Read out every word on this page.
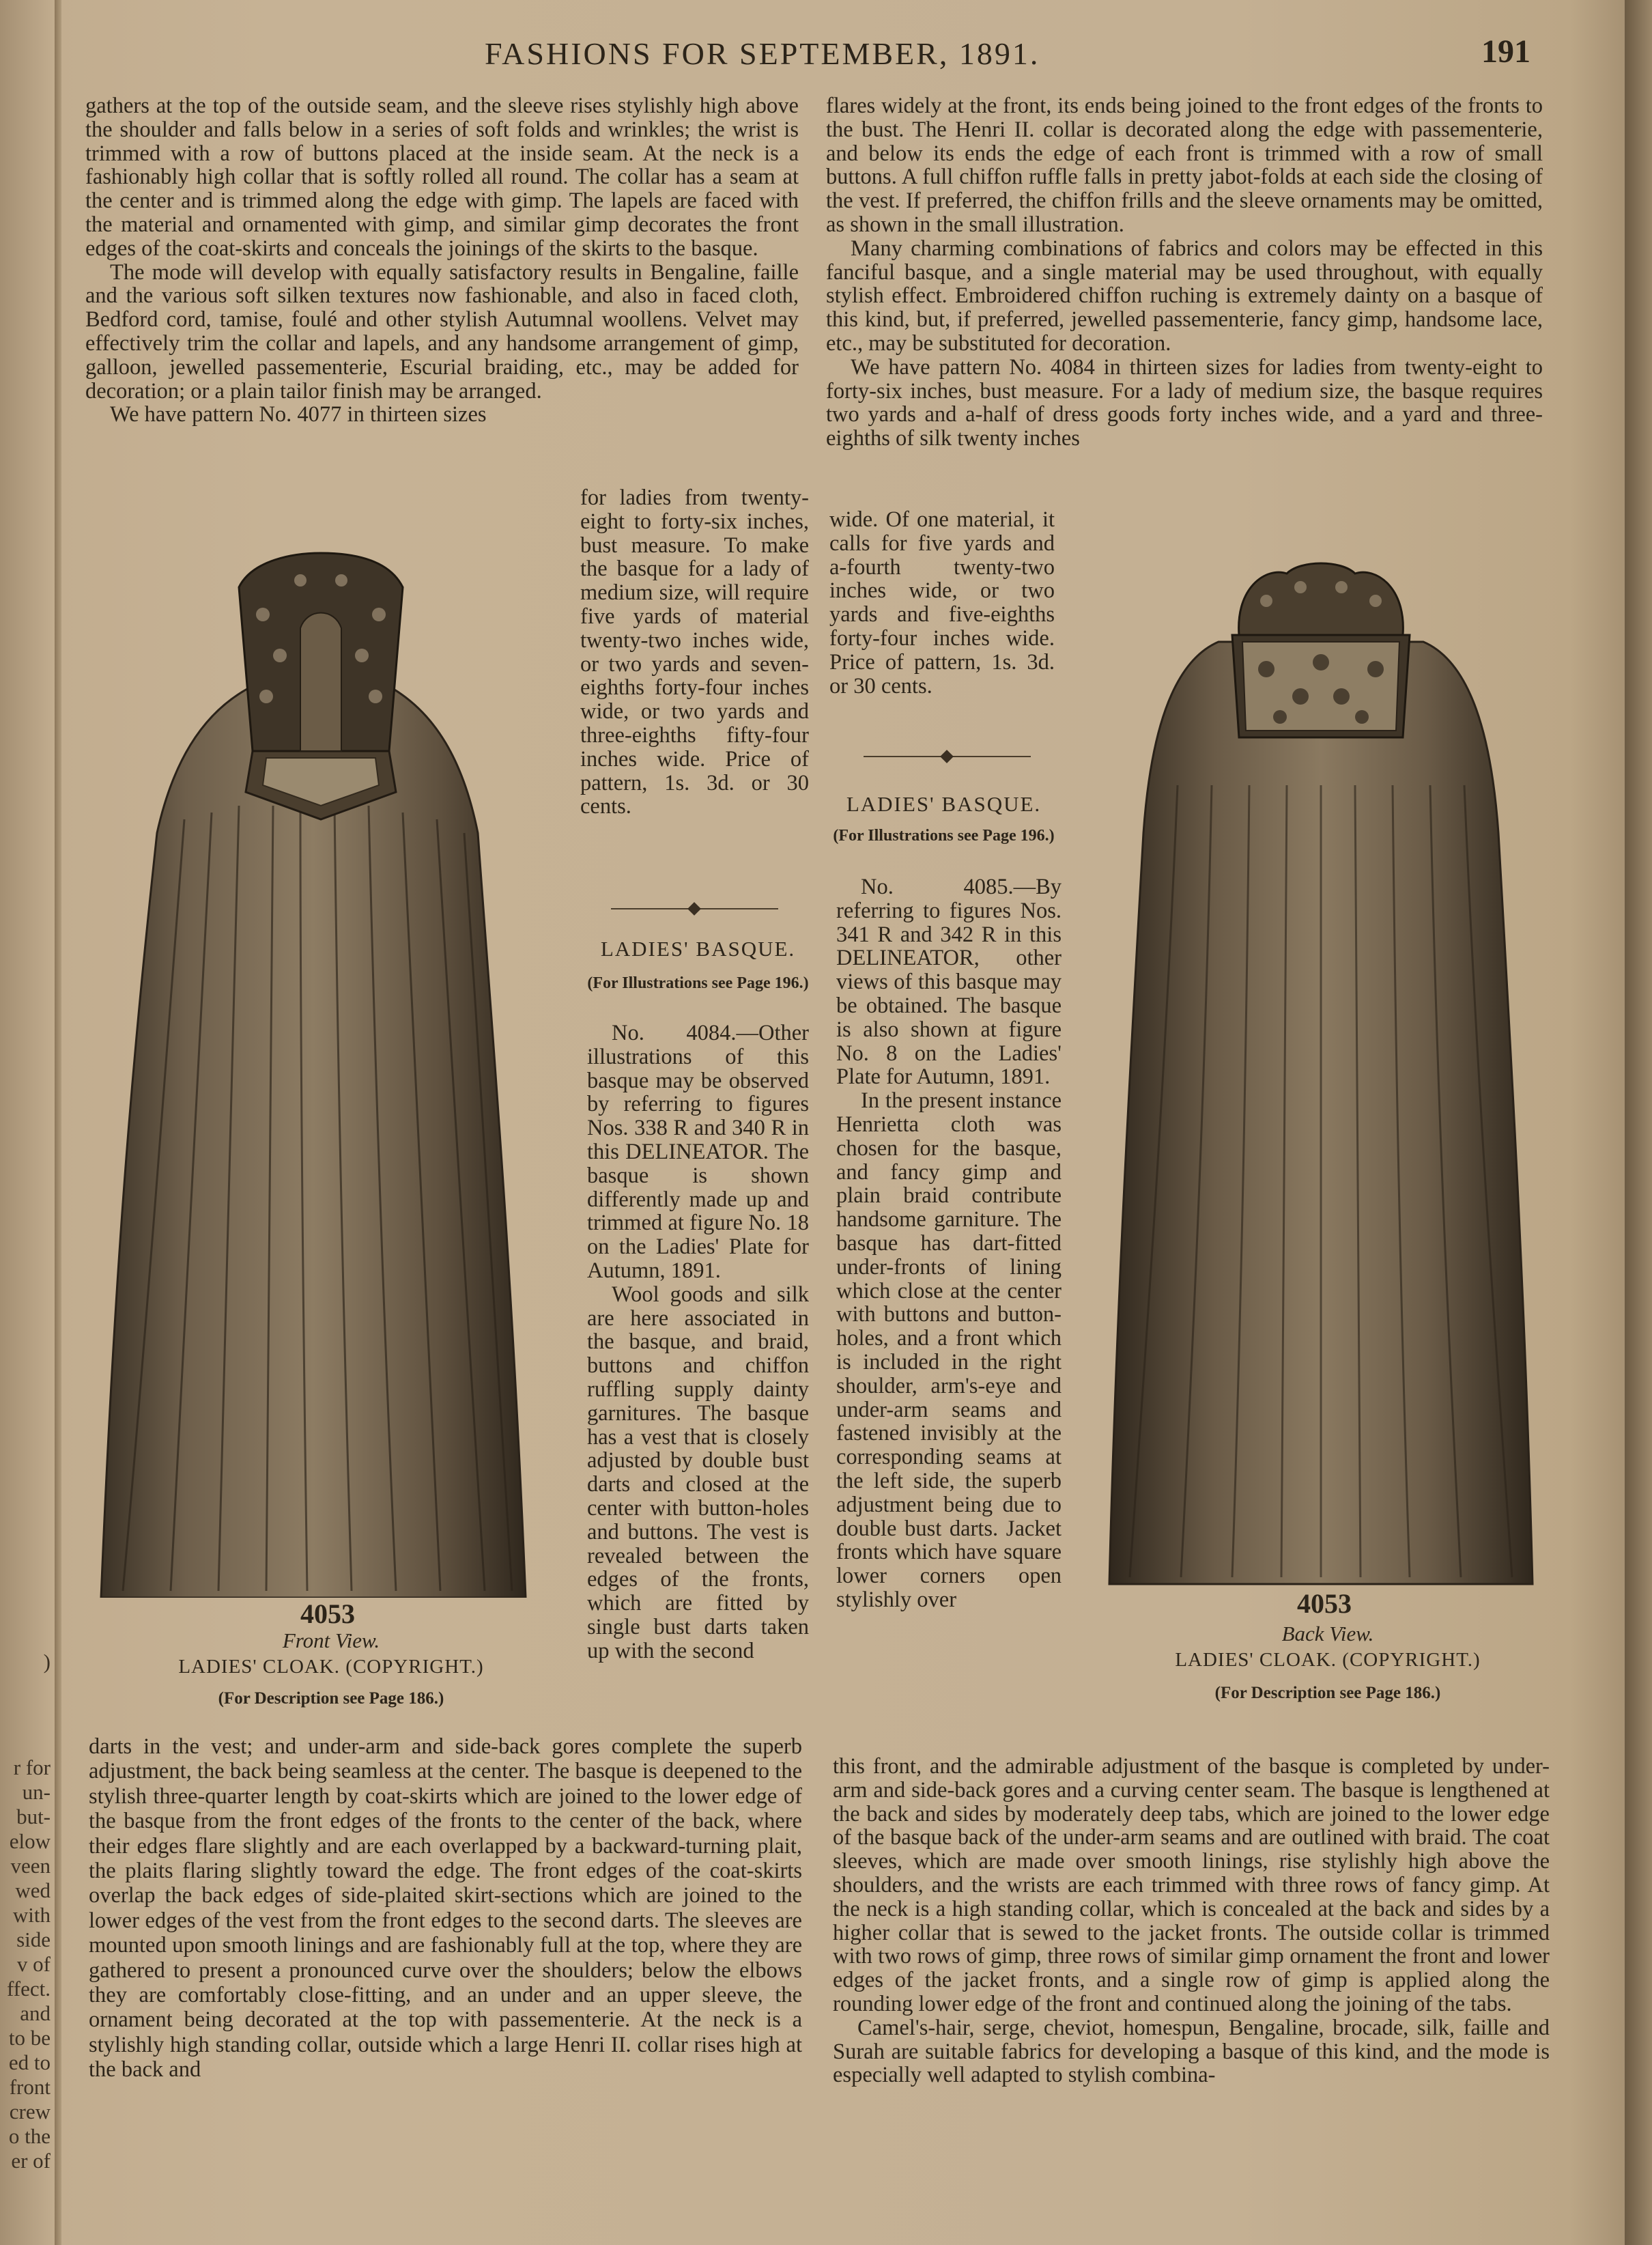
)
r for
un-
but-
elow
veen
wed
with
side
v of
ffect.
and
to be
ed to
front
crew
o the
er of
FASHIONS FOR SEPTEMBER, 1891.	191

gathers at the top of the outside seam, and the sleeve rises stylishly high above the shoulder and falls below in a series of soft folds and wrinkles; the wrist is trimmed with a row of buttons placed at the inside seam. At the neck is a fashionably high collar that is softly rolled all round. The collar has a seam at the center and is trimmed along the edge with gimp. The lapels are faced with the material and ornamented with gimp, and similar gimp decorates the front edges of the coat-skirts and conceals the joinings of the skirts to the basque.

The mode will develop with equally satisfactory results in Bengaline, faille and the various soft silken textures now fashionable, and also in faced cloth, Bedford cord, tamise, foulé and other stylish Autumnal woollens. Velvet may effectively trim the collar and lapels, and any handsome arrangement of gimp, galloon, jewelled passementerie, Escurial braiding, etc., may be added for decoration; or a plain tailor finish may be arranged.

We have pattern No. 4077 in thirteen sizes

for ladies from twenty-eight to forty-six inches, bust measure. To make the basque for a lady of medium size, will require five yards of material twenty-two inches wide, or two yards and seven-eighths forty-four inches wide, or two yards and three-eighths fifty-four inches wide. Price of pattern, 1s. 3d. or 30 cents.

LADIES' BASQUE.
(For Illustrations see Page 196.)

No. 4084.—Other illustrations of this basque may be observed by referring to figures Nos. 338 R and 340 R in this DELINEATOR. The basque is shown differently made up and trimmed at figure No. 18 on the Ladies' Plate for Autumn, 1891.

Wool goods and silk are here associated in the basque, and braid, buttons and chiffon ruffling supply dainty garnitures. The basque has a vest that is closely adjusted by double bust darts and closed at the center with button-holes and buttons. The vest is revealed between the edges of the fronts, which are fitted by single bust darts taken up with the second

darts in the vest; and under-arm and side-back gores complete the superb adjustment, the back being seamless at the center. The basque is deepened to the stylish three-quarter length by coat-skirts which are joined to the lower edge of the basque from the front edges of the fronts to the center of the back, where their edges flare slightly and are each overlapped by a backward-turning plait, the plaits flaring slightly toward the edge. The front edges of the coat-skirts overlap the back edges of side-plaited skirt-sections which are joined to the lower edges of the vest from the front edges to the second darts. The sleeves are mounted upon smooth linings and are fashionably full at the top, where they are gathered to present a pronounced curve over the shoulders; below the elbows they are comfortably close-fitting, and an under and an upper sleeve, the ornament being decorated at the top with passementerie. At the neck is a stylishly high standing collar, outside which a large Henri II. collar rises high at the back and

flares widely at the front, its ends being joined to the front edges of the fronts to the bust. The Henri II. collar is decorated along the edge with passementerie, and below its ends the edge of each front is trimmed with a row of small buttons. A full chiffon ruffle falls in pretty jabot-folds at each side the closing of the vest. If preferred, the chiffon frills and the sleeve ornaments may be omitted, as shown in the small illustration.

Many charming combinations of fabrics and colors may be effected in this fanciful basque, and a single material may be used throughout, with equally stylish effect. Embroidered chiffon ruching is extremely dainty on a basque of this kind, but, if preferred, jewelled passementerie, fancy gimp, handsome lace, etc., may be substituted for decoration.

We have pattern No. 4084 in thirteen sizes for ladies from twenty-eight to forty-six inches, bust measure. For a lady of medium size, the basque requires two yards and a-half of dress goods forty inches wide, and a yard and three-eighths of silk twenty inches

wide. Of one material, it calls for five yards and a-fourth twenty-two inches wide, or two yards and five-eighths forty-four inches wide. Price of pattern, 1s. 3d. or 30 cents.

LADIES' BASQUE.
(For Illustrations see Page 196.)

No. 4085.—By referring to figures Nos. 341 R and 342 R in this DELINEATOR, other views of this basque may be obtained. The basque is also shown at figure No. 8 on the Ladies' Plate for Autumn, 1891.

In the present instance Henrietta cloth was chosen for the basque, and fancy gimp and plain braid contribute handsome garniture. The basque has dart-fitted under-fronts of lining which close at the center with buttons and button-holes, and a front which is included in the right shoulder, arm's-eye and under-arm seams and fastened invisibly at the corresponding seams at the left side, the superb adjustment being due to double bust darts. Jacket fronts which have square lower corners open stylishly over

this front, and the admirable adjustment of the basque is completed by under-arm and side-back gores and a curving center seam. The basque is lengthened at the back and sides by moderately deep tabs, which are joined to the lower edge of the basque back of the under-arm seams and are outlined with braid. The coat sleeves, which are made over smooth linings, rise stylishly high above the shoulders, and the wrists are each trimmed with three rows of fancy gimp. At the neck is a high standing collar, which is concealed at the back and sides by a higher collar that is sewed to the jacket fronts. The outside collar is trimmed with two rows of gimp, three rows of similar gimp ornament the front and lower edges of the jacket fronts, and a single row of gimp is applied along the rounding lower edge of the front and continued along the joining of the tabs.

Camel's-hair, serge, cheviot, homespun, Bengaline, brocade, silk, faille and Surah are suitable fabrics for developing a basque of this kind, and the mode is especially well adapted to stylish combina-

4053
Front View.
LADIES' CLOAK. (COPYRIGHT.)
(For Description see Page 186.)
4053
Back View.
LADIES' CLOAK. (COPYRIGHT.)
(For Description see Page 186.)
